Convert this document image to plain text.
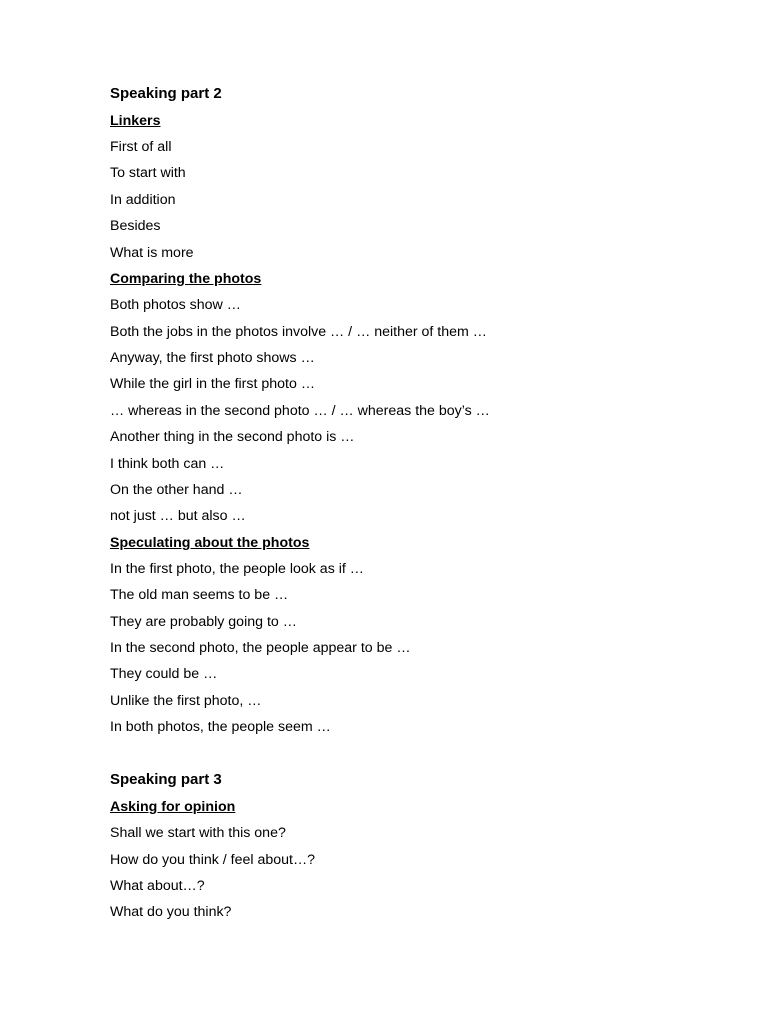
Speaking part 2
Linkers
First of all
To start with
In addition
Besides
What is more
Comparing the photos
Both photos show …
Both the jobs in the photos involve … / … neither of them …
Anyway, the first photo shows …
While the girl in the first photo …
… whereas in the second photo … / … whereas the boy’s …
Another thing in the second photo is …
I think both can …
On the other hand …
not just … but also …
Speculating about the photos
In the first photo, the people look as if …
The old man seems to be …
They are probably going to …
In the second photo, the people appear to be …
They could be …
Unlike the first photo, …
In both photos, the people seem …
Speaking part 3
Asking for opinion
Shall we start with this one?
How do you think / feel about…?
What about…?
What do you think?
